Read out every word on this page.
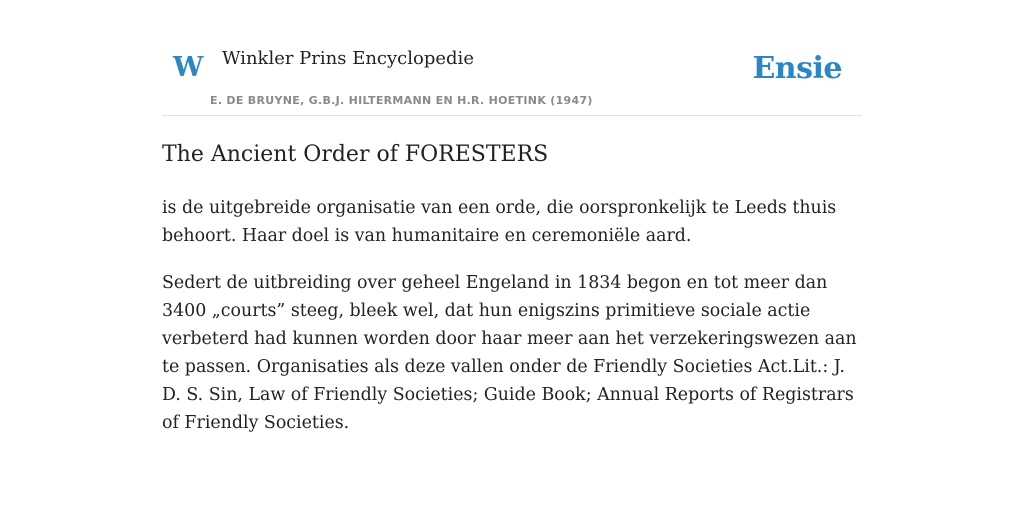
W Winkler Prins Encyclopedie
E. DE BRUYNE, G.B.J. HILTERMANN EN H.R. HOETINK (1947)
Ensie
The Ancient Order of FORESTERS

is de uitgebreide organisatie van een orde, die oorspronkelijk te Leeds thuis behoort. Haar doel is van humanitaire en ceremoniële aard.

Sedert de uitbreiding over geheel Engeland in 1834 begon en tot meer dan 3400 „courts” steeg, bleek wel, dat hun enigszins primitieve sociale actie verbeterd had kunnen worden door haar meer aan het verzekeringswezen aan te passen. Organisaties als deze vallen onder de Friendly Societies Act.Lit.: J. D. S. Sin, Law of Friendly Societies; Guide Book; Annual Reports of Registrars of Friendly Societies.
